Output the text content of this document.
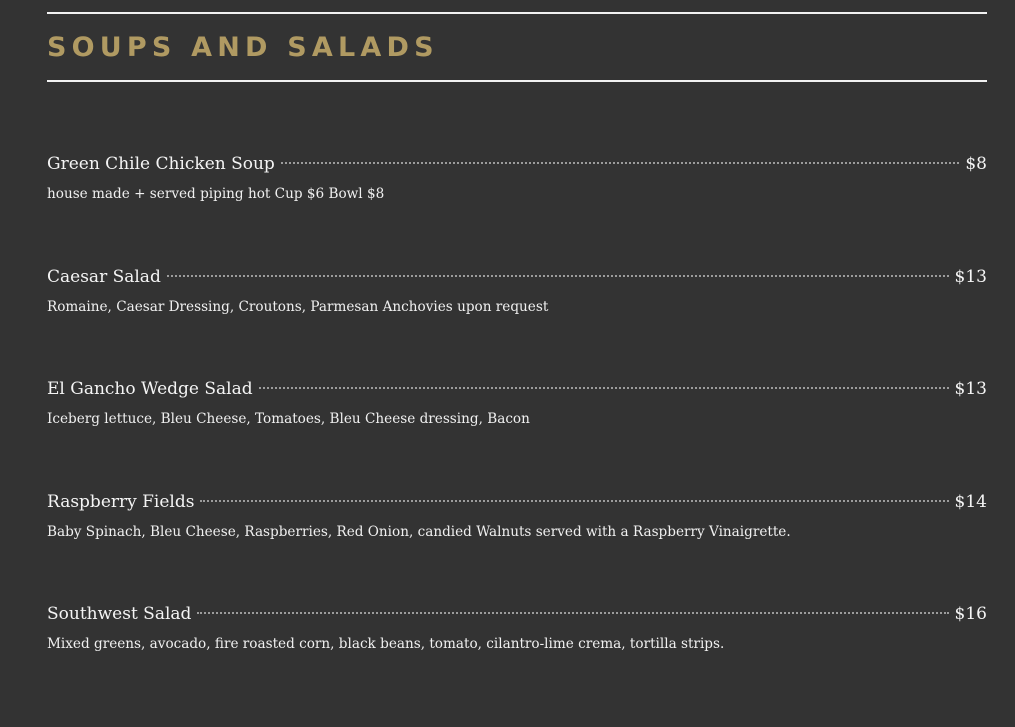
SOUPS AND SALADS
Green Chile Chicken Soup	$8
house made + served piping hot Cup $6 Bowl $8
Caesar Salad	$13
Romaine, Caesar Dressing, Croutons, Parmesan Anchovies upon request
El Gancho Wedge Salad	$13
Iceberg lettuce, Bleu Cheese, Tomatoes, Bleu Cheese dressing, Bacon
Raspberry Fields	$14
Baby Spinach, Bleu Cheese, Raspberries, Red Onion, candied Walnuts served with a Raspberry Vinaigrette.
Southwest Salad	$16
Mixed greens, avocado, fire roasted corn, black beans, tomato, cilantro-lime crema, tortilla strips.
